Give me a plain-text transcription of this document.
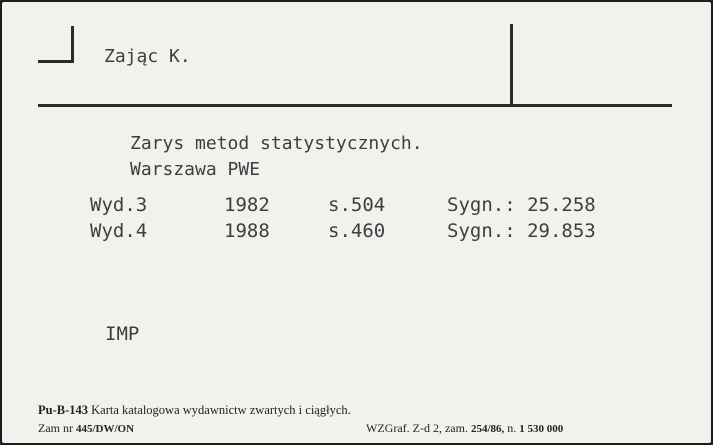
Zając K.
Zarys metod statystycznych.
Warszawa PWE
Wyd.3	1982	s.504	Sygn.: 25.258
Wyd.4	1988	s.460	Sygn.: 29.853
IMP
Pu-B-143 Karta katalogowa wydawnictw zwartych i ciągłych.
Zam nr 445/DW/ON	WZGraf. Z-d 2, zam. 254/86, n. 1 530 000
